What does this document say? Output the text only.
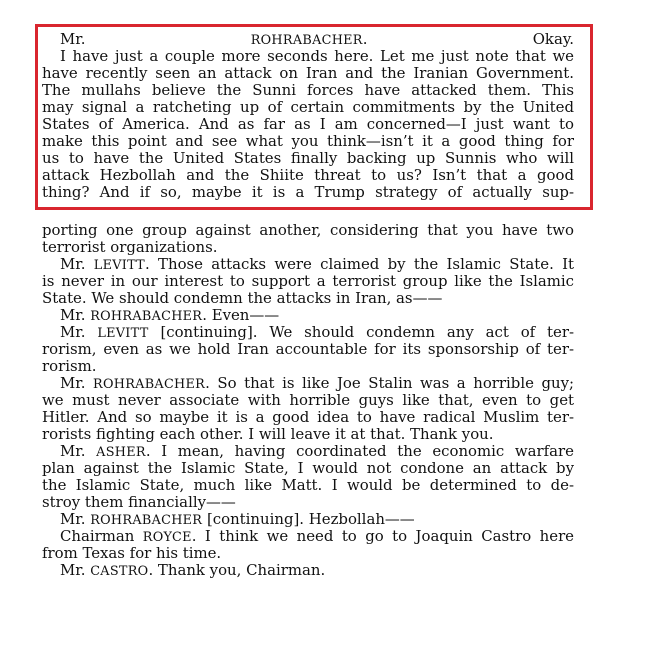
Mr. ROHRABACHER. Okay.
I have just a couple more seconds here. Let me just note that we
have recently seen an attack on Iran and the Iranian Government.
The mullahs believe the Sunni forces have attacked them. This
may signal a ratcheting up of certain commitments by the United
States of America. And as far as I am concerned—I just want to
make this point and see what you think—isn’t it a good thing for
us to have the United States finally backing up Sunnis who will
attack Hezbollah and the Shiite threat to us? Isn’t that a good
thing? And if so, maybe it is a Trump strategy of actually sup-
porting one group against another, considering that you have two
terrorist organizations.
Mr. LEVITT. Those attacks were claimed by the Islamic State. It
is never in our interest to support a terrorist group like the Islamic
State. We should condemn the attacks in Iran, as——
Mr. ROHRABACHER. Even——
Mr. LEVITT [continuing]. We should condemn any act of ter-
rorism, even as we hold Iran accountable for its sponsorship of ter-
rorism.
Mr. ROHRABACHER. So that is like Joe Stalin was a horrible guy;
we must never associate with horrible guys like that, even to get
Hitler. And so maybe it is a good idea to have radical Muslim ter-
rorists fighting each other. I will leave it at that. Thank you.
Mr. ASHER. I mean, having coordinated the economic warfare
plan against the Islamic State, I would not condone an attack by
the Islamic State, much like Matt. I would be determined to de-
stroy them financially——
Mr. ROHRABACHER [continuing]. Hezbollah——
Chairman ROYCE. I think we need to go to Joaquin Castro here
from Texas for his time.
Mr. CASTRO. Thank you, Chairman.
